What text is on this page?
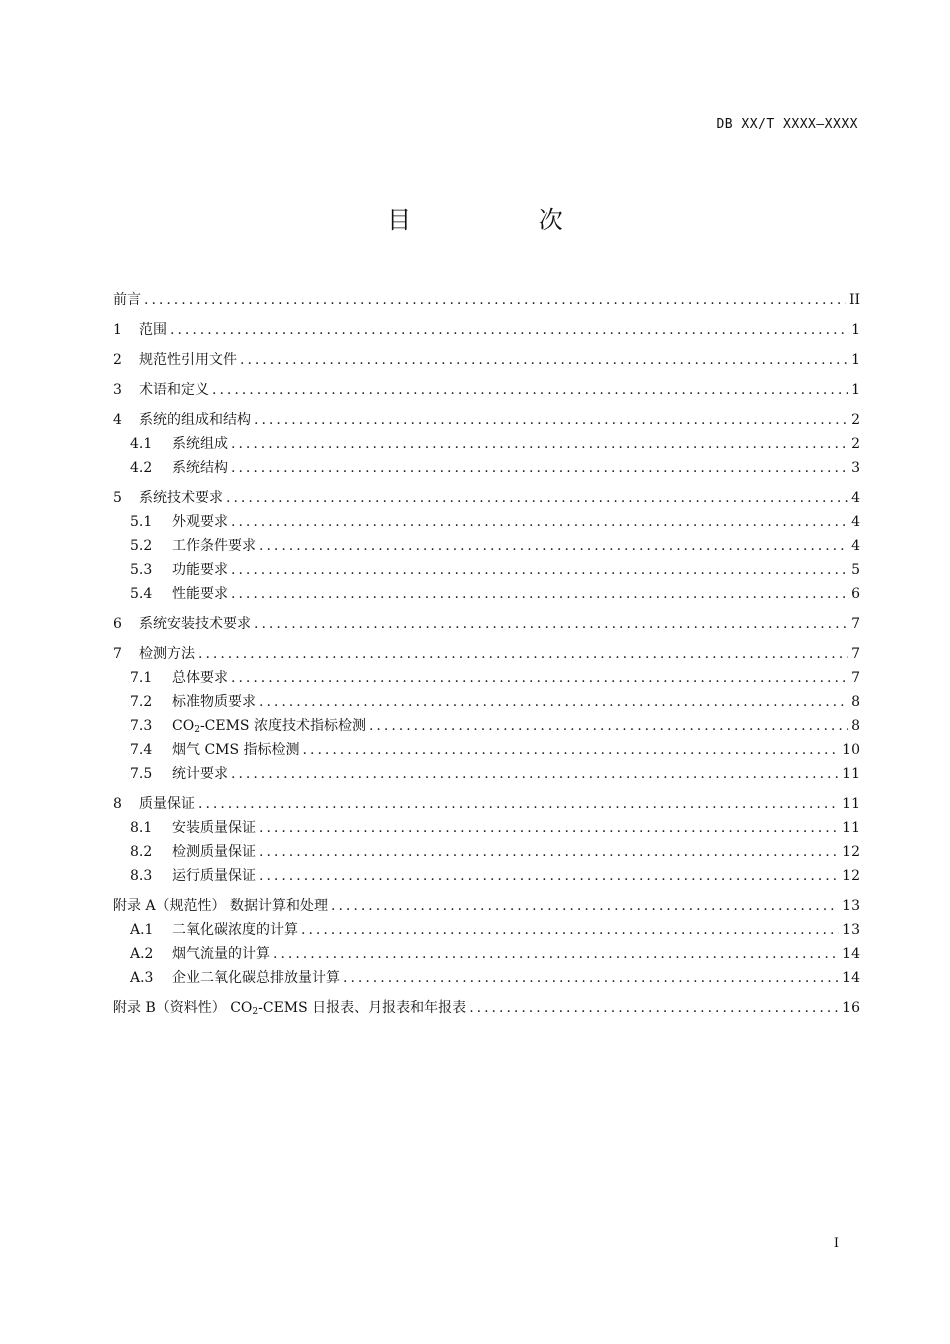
DB XX/T XXXX—XXXX
目 次
前言 .....	II
1	范围 .....	1
2	规范性引用文件 .....	1
3	术语和定义 .....	1
4	系统的组成和结构 .....	2
4.1	系统组成 .....	2
4.2	系统结构 .....	3
5	系统技术要求 .....	4
5.1	外观要求 .....	4
5.2	工作条件要求 .....	4
5.3	功能要求 .....	5
5.4	性能要求 .....	6
6	系统安装技术要求 .....	7
7	检测方法 .....	7
7.1	总体要求 .....	7
7.2	标准物质要求 .....	8
7.3	$CO_2$-CEMS 浓度技术指标检测 .....	8
7.4	烟气 CMS 指标检测 .....	10
7.5	统计要求 .....	11
8	质量保证 .....	11
8.1	安装质量保证 .....	11
8.2	检测质量保证 .....	12
8.3	运行质量保证 .....	12
附录 A（规范性） 数据计算和处理 .....	13
A.1	二氧化碳浓度的计算 .....	13
A.2	烟气流量的计算 .....	14
A.3	企业二氧化碳总排放量计算 .....	14
附录 B（资料性） $CO_2$-CEMS 日报表、月报表和年报表 .....	16
I
